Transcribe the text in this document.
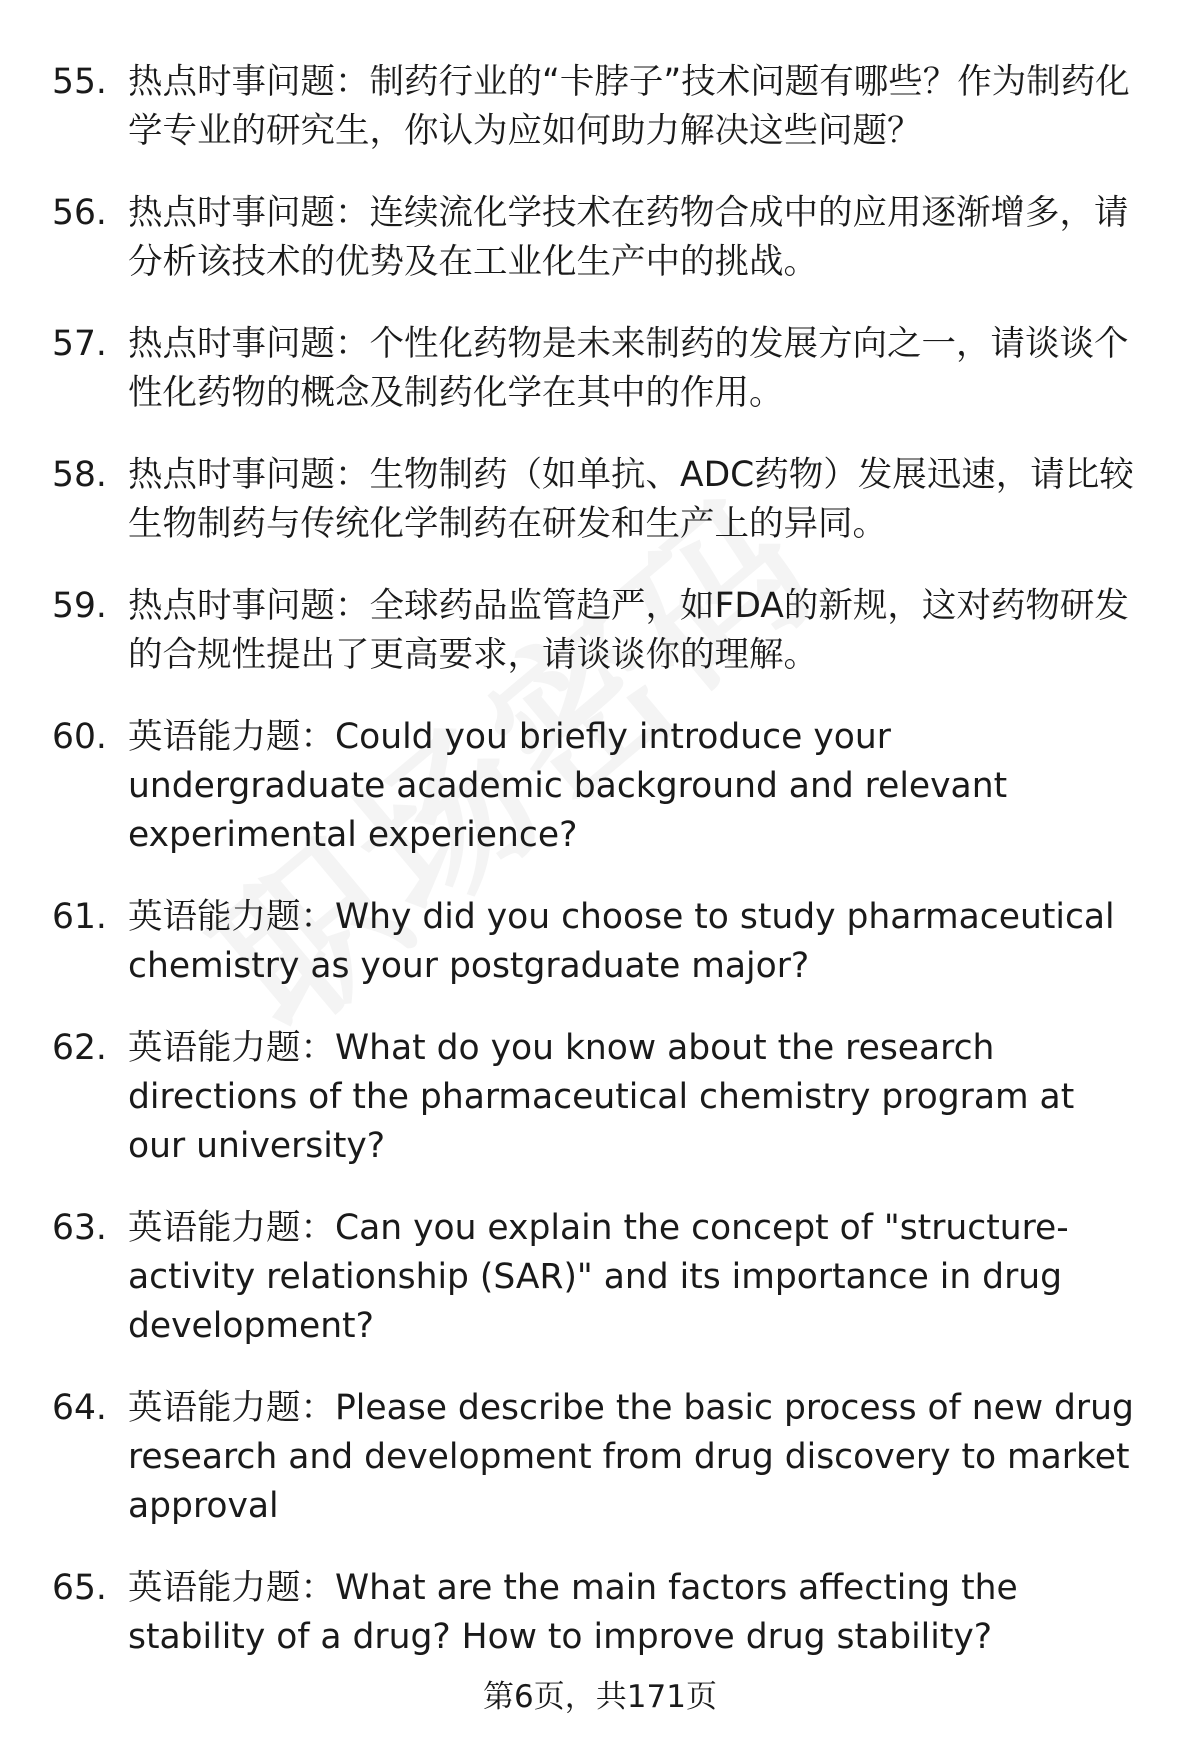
55. 热点时事问题 ： 制药行业的“卡脖子”技术问题有哪些？作为制药化学专业的研究生，你认为应如何助力解决这些问题？
56. 热点时事问题 ： 连续流化学技术在药物合成中的应用逐渐增多，请分析该技术的优势及在工业化生产中的挑战。
57. 热点时事问题 ： 个性化药物是未来制药的发展方向之一，请谈谈个性化药物的概念及制药化学在其中的作用。
58. 热点时事问题 ： 生物制药（如单抗、ADC药物）发展迅速，请比较生物制药与传统化学制药在研发和生产上的异同。
59. 热点时事问题 ： 全球药品监管趋严，如FDA的新规，这对药物研发的合规性提出了更高要求，请谈谈你的理解。
60. 英语能力题 ： Could you briefly introduce your undergraduate academic background and relevant experimental experience?
61. 英语能力题 ： Why did you choose to study pharmaceutical chemistry as your postgraduate major?
62. 英语能力题 ： What do you know about the research directions of the pharmaceutical chemistry program at our university?
63. 英语能力题 ： Can you explain the concept of "structure-activity relationship (SAR)" and its importance in drug development?
64. 英语能力题 ： Please describe the basic process of new drug research and development from drug discovery to market approval
65. 英语能力题 ： What are the main factors affecting the stability of a drug? How to improve drug stability?
第6页，共171页
